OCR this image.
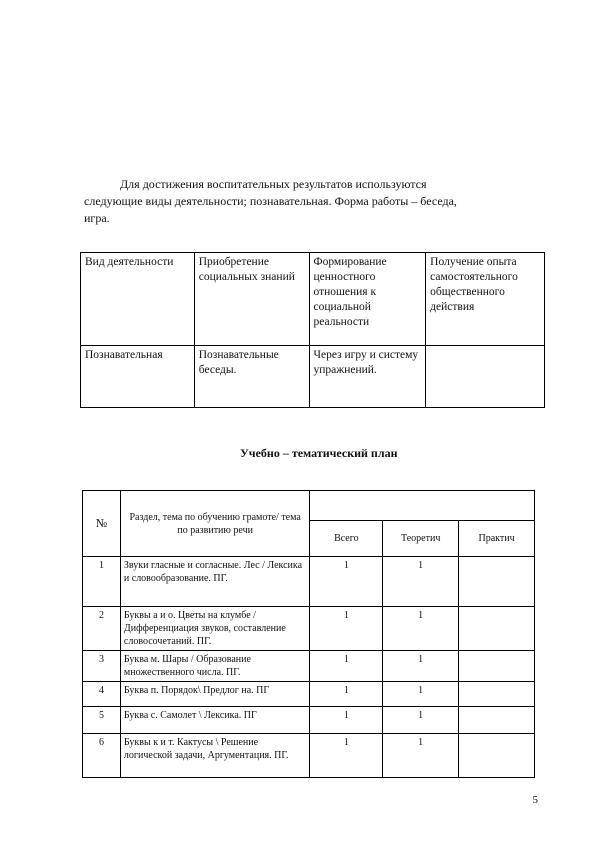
Для достижения воспитательных результатов используются
следующие виды деятельности; познавательная. Форма работы – беседа,
игра.
Вид деятельности	Приобретение социальных знаний	Формирование ценностного отношения к социальной реальности	Получение опыта самостоятельного общественного действия
Познавательная	Познавательные беседы.	Через игру и систему упражнений.	
Учебно – тематический план
№	Раздел, тема по обучению грамоте/ тема по развитию речи			
		Всего	Теоретич	Практич
1	Звуки гласные и согласные. Лес / Лексика и словообразование. ПГ.	1	1	
2	Буквы а и о. Цветы на клумбе / Дифференциация звуков, составление словосочетаний. ПГ.	1	1	
3	Буква м. Шары / Образование множественного числа. ПГ.	1	1	
4	Буква п. Порядок\ Предлог на. ПГ	1	1	
5	Буква с. Самолет \ Лексика. ПГ	1	1	
6	Буквы к и т. Кактусы \ Решение логической задачи, Аргументация. ПГ.	1	1	
5
